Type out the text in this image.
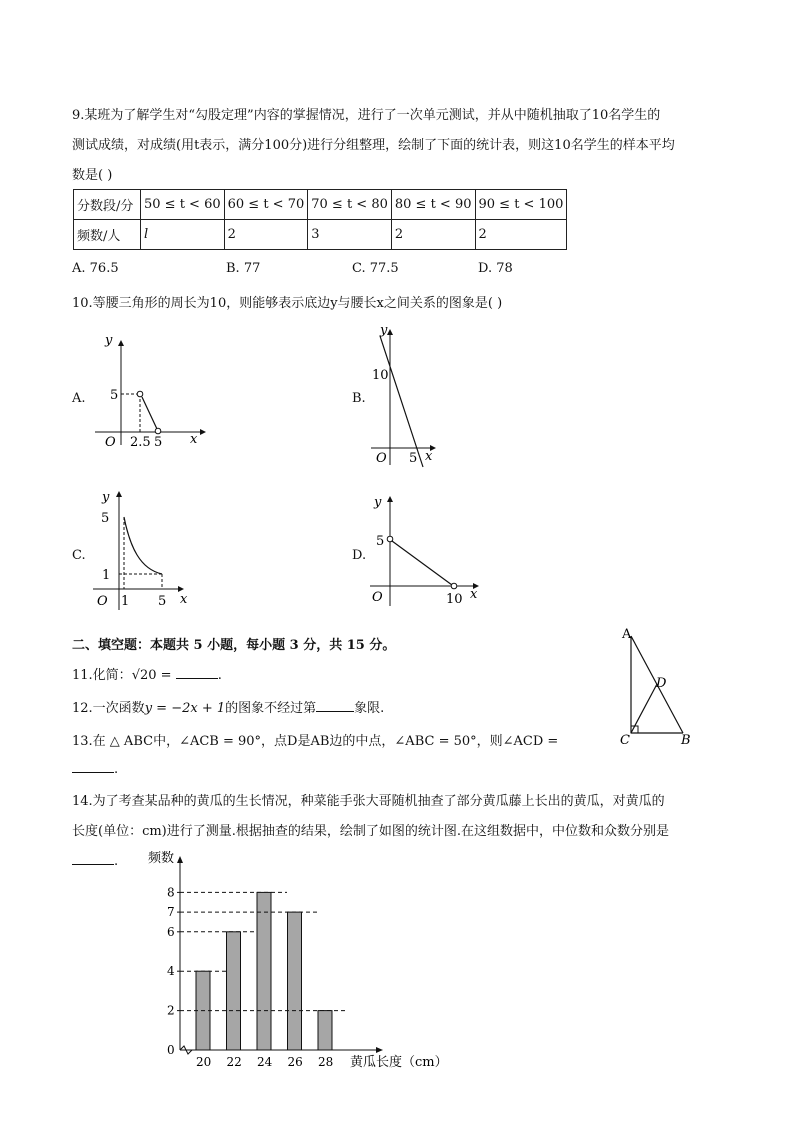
9.某班为了解学生对“勾股定理”内容的掌握情况，进行了一次单元测试，并从中随机抽取了10名学生的
测试成绩，对成绩(用t表示，满分100分)进行分组整理，绘制了下面的统计表，则这10名学生的样本平均
数是( )
分数段/分	50 ≤ t < 60	60 ≤ t < 70	70 ≤ t < 80	80 ≤ t < 90	90 ≤ t < 100
频数/人	l	2	3	2	2
A. 76.5	B. 77	C. 77.5	D. 78
10.等腰三角形的周长为10，则能够表示底边y与腰长x之间关系的图象是( )
A.
y
5
O 2.5 5 x
B.
y
10
O 5 x
C.
y
5
1
O 1 5 x
D.
y
5
O	10 x
二、填空题：本题共 5 小题，每小题 3 分，共 15 分。
11.化简：√20 =	.
12.一次函数y = −2x + 1的图象不经过第	象限.
13.在 △ ABC中，∠ACB = 90°，点D是AB边的中点，∠ABC = 50°，则∠ACD =
.
A
D
C	B
14.为了考查某品种的黄瓜的生长情况，种菜能手张大哥随机抽查了部分黄瓜藤上长出的黄瓜，对黄瓜的
长度(单位：cm)进行了测量.根据抽查的结果，绘制了如图的统计图.在这组数据中，中位数和众数分别是
. 频数
0
2
4
6
7
8
20 22 24 26 28 黄瓜长度（cm）
